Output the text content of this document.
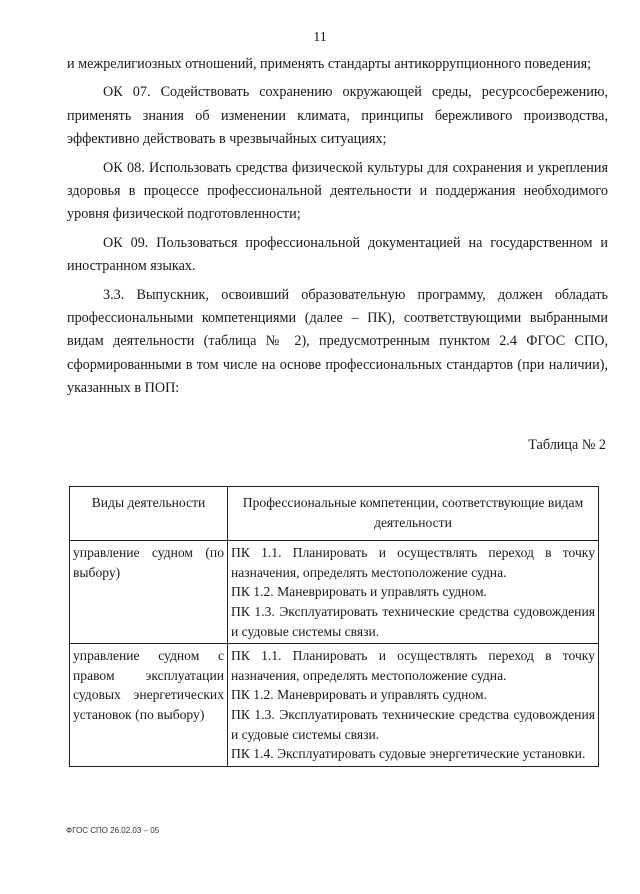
11

и межрелигиозных отношений, применять стандарты антикоррупционного поведения;

ОК 07. Содействовать сохранению окружающей среды, ресурсосбережению, применять знания об изменении климата, принципы бережливого производства, эффективно действовать в чрезвычайных ситуациях;

ОК 08. Использовать средства физической культуры для сохранения и укрепления здоровья в процессе профессиональной деятельности и поддержания необходимого уровня физической подготовленности;

ОК 09. Пользоваться профессиональной документацией на государственном и иностранном языках.

3.3. Выпускник, освоивший образовательную программу, должен обладать профессиональными компетенциями (далее – ПК), соответствующими выбранными видам деятельности (таблица № 2), предусмотренным пунктом 2.4 ФГОС СПО, сформированными в том числе на основе профессиональных стандартов (при наличии), указанных в ПОП:

Таблица № 2
Виды деятельности	Профессиональные компетенции, соответствующие видам деятельности
управление судном (по выбору)	ПК 1.1. Планировать и осуществлять переход в точку назначения, определять местоположение судна.
ПК 1.2. Маневрировать и управлять судном.
ПК 1.3. Эксплуатировать технические средства судовождения и судовые системы связи.

управление судном с правом эксплуатации судовых энергетических установок (по выбору)	ПК 1.1. Планировать и осуществлять переход в точку назначения, определять местоположение судна.
ПК 1.2. Маневрировать и управлять судном.
ПК 1.3. Эксплуатировать технические средства судовождения и судовые системы связи.
ПК 1.4. Эксплуатировать судовые энергетические установки.
ФГОС СПО 26.02.03 – 05
